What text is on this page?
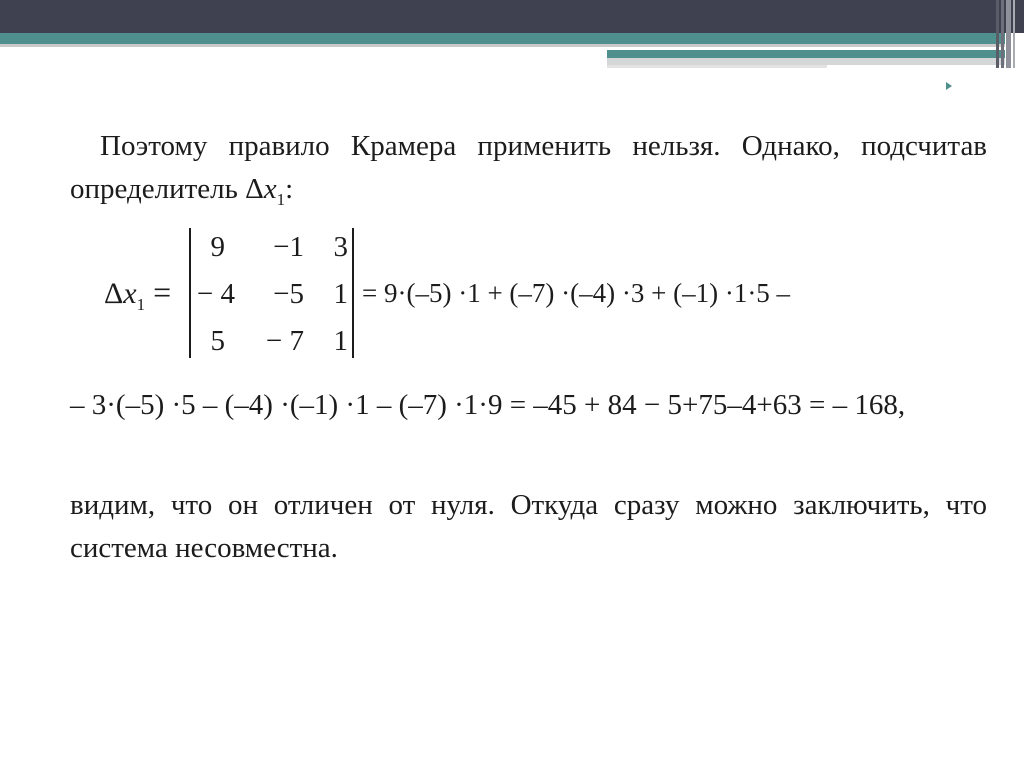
Поэтому правило Крамера применить нельзя. Однако, подсчитав определитель $\Delta x_1$:
$\Delta x_1$ =
9	−1	3
− 4	−5	1
5	− 7	1
= 9·(–5) ·1 + (–7) ·(–4) ·3 + (–1) ·1·5 –
– 3·(–5) ·5 – (–4) ·(–1) ·1 – (–7) ·1·9 = –45 + 84 − 5+75–4+63 = – 168,
видим, что он отличен от нуля. Откуда сразу можно заключить, что система несовместна.
